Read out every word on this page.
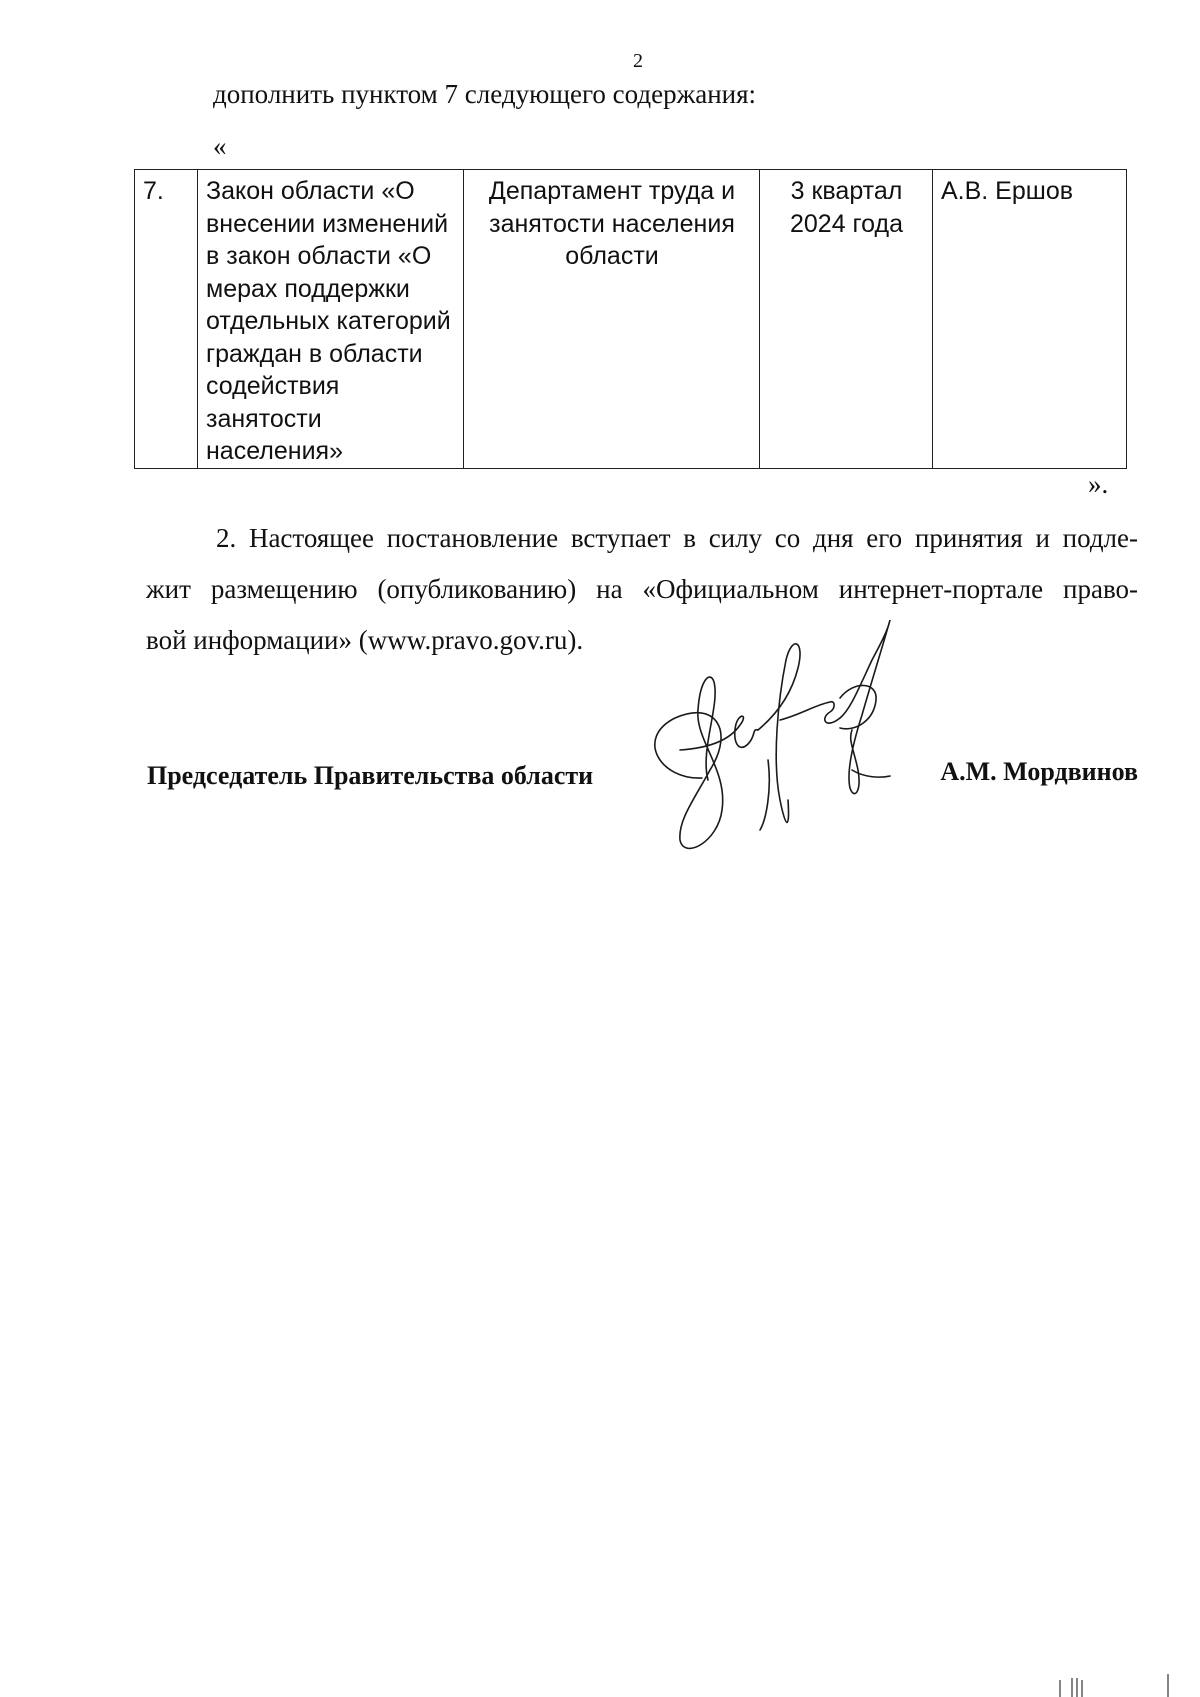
2
дополнить пунктом 7 следующего содержания:
«
7.	Закон области «О внесении изменений в закон области «О мерах поддержки отдельных категорий граждан в области содействия занятости населения»	Департамент труда и занятости населения области	3 квартал 2024 года	А.В. Ершов
».
2. Настоящее постановление вступает в силу со дня его принятия и подле-
жит размещению (опубликованию) на «Официальном интернет-портале право-
вой информации» (www.pravo.gov.ru).
Председатель Правительства области	А.М. Мордвинов
